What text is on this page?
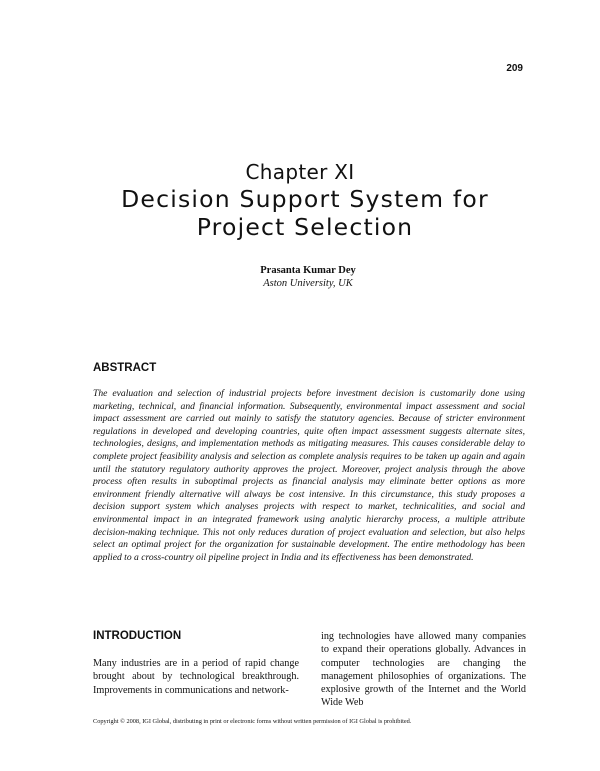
209
Chapter XI
Decision Support System for
Project Selection
Prasanta Kumar Dey
Aston University, UK
ABSTRACT
The evaluation and selection of industrial projects before investment decision is customarily done using marketing, technical, and financial information. Subsequently, environmental impact assessment and social impact assessment are carried out mainly to satisfy the statutory agencies. Because of stricter environment regulations in developed and developing countries, quite often impact assessment suggests alternate sites, technologies, designs, and implementation methods as mitigating measures. This causes considerable delay to complete project feasibility analysis and selection as complete analysis requires to be taken up again and again until the statutory regulatory authority approves the project. Moreover, project analysis through the above process often results in suboptimal projects as financial analysis may eliminate better options as more environment friendly alternative will always be cost intensive. In this circumstance, this study proposes a decision support system which analyses projects with respect to market, technicalities, and social and environmental impact in an integrated framework using analytic hierarchy process, a multiple attribute decision-making technique. This not only reduces duration of project evaluation and selection, but also helps select an optimal project for the organization for sustainable development. The entire methodology has been applied to a cross-country oil pipeline project in India and its effectiveness has been demonstrated.
INTRODUCTION
Many industries are in a period of rapid change brought about by technological breakthrough. Improvements in communications and network-
ing technologies have allowed many companies to expand their operations globally. Advances in computer technologies are changing the management philosophies of organizations. The explosive growth of the Internet and the World Wide Web
Copyright © 2008, IGI Global, distributing in print or electronic forms without written permission of IGI Global is prohibited.
